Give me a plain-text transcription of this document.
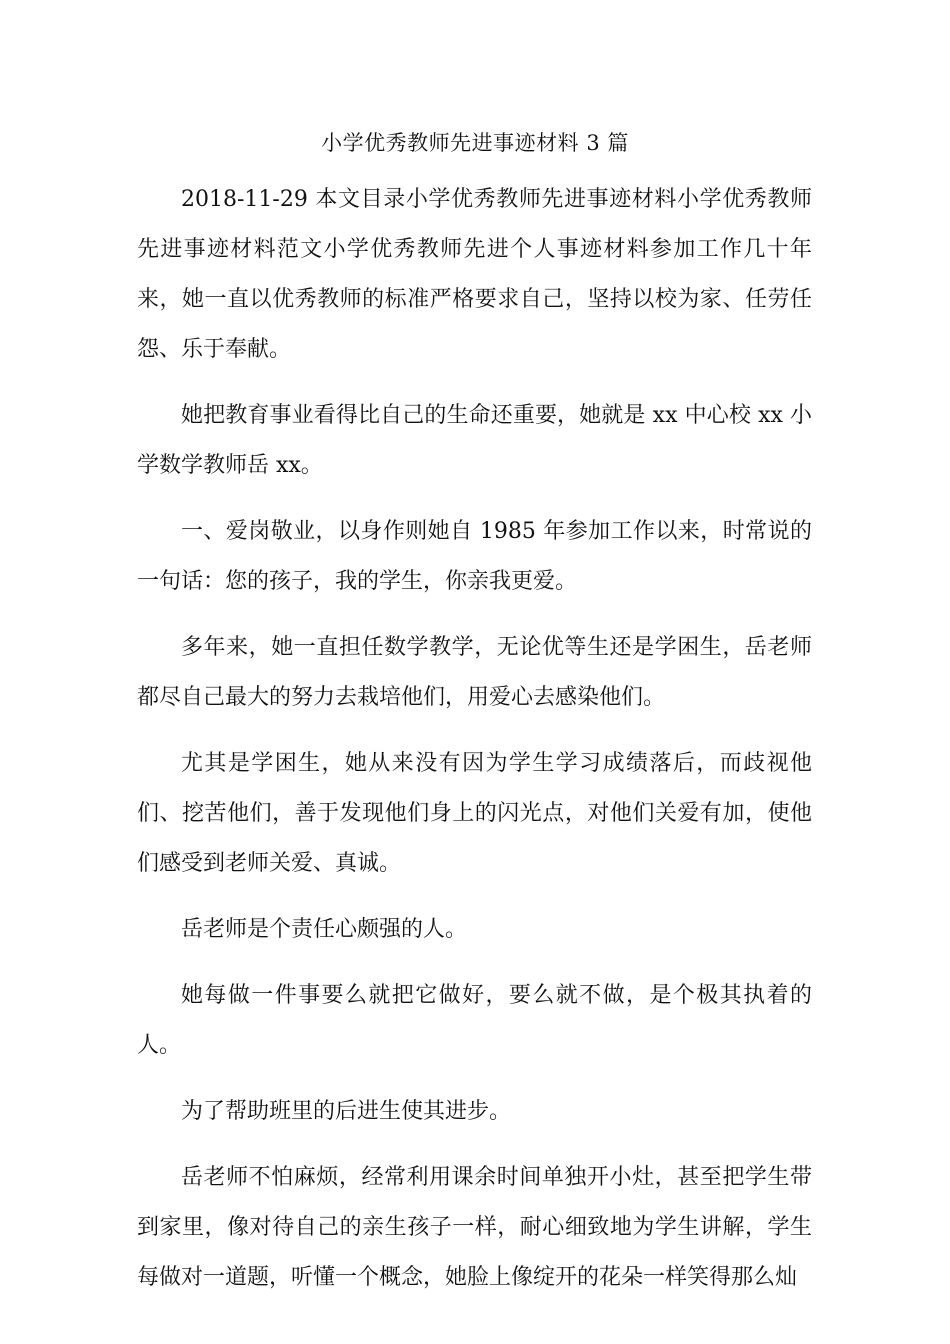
小学优秀教师先进事迹材料 3 篇

2018-11-29 本文目录小学优秀教师先进事迹材料小学优秀教师先进事迹材料范文小学优秀教师先进个人事迹材料参加工作几十年来，她一直以优秀教师的标准严格要求自己，坚持以校为家、任劳任怨、乐于奉献。

她把教育事业看得比自己的生命还重要，她就是 xx 中心校 xx 小学数学教师岳 xx。

一、爱岗敬业，以身作则她自 1985 年参加工作以来，时常说的一句话：您的孩子，我的学生，你亲我更爱。

多年来，她一直担任数学教学，无论优等生还是学困生，岳老师都尽自己最大的努力去栽培他们，用爱心去感染他们。

尤其是学困生，她从来没有因为学生学习成绩落后，而歧视他们、挖苦他们，善于发现他们身上的闪光点，对他们关爱有加，使他们感受到老师关爱、真诚。

岳老师是个责任心颇强的人。

她每做一件事要么就把它做好，要么就不做，是个极其执着的人。

为了帮助班里的后进生使其进步。

岳老师不怕麻烦，经常利用课余时间单独开小灶，甚至把学生带到家里，像对待自己的亲生孩子一样，耐心细致地为学生讲解，学生每做对一道题，听懂一个概念，她脸上像绽开的花朵一样笑得那么灿
